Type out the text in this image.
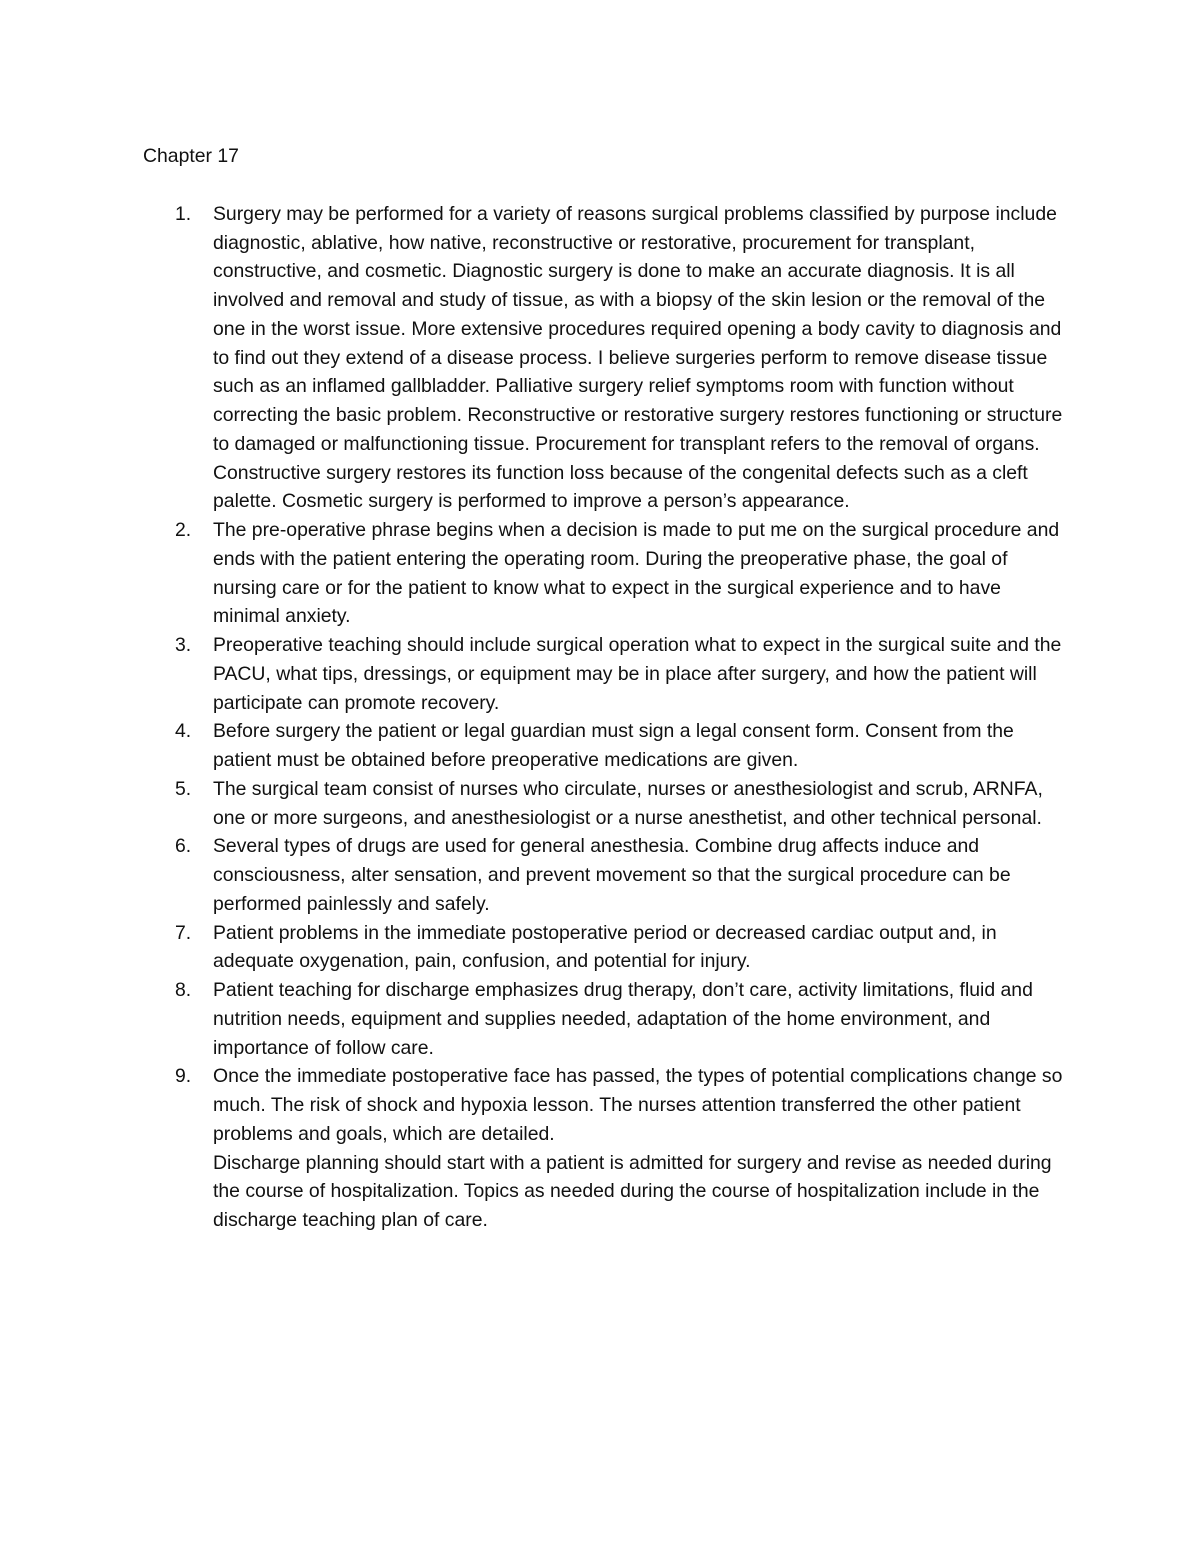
Chapter 17
1.	Surgery may be performed for a variety of reasons surgical problems classified by purpose include diagnostic, ablative, how native, reconstructive or restorative, procurement for transplant, constructive, and cosmetic. Diagnostic surgery is done to make an accurate diagnosis. It is all involved and removal and study of tissue, as with a biopsy of the skin lesion or the removal of the one in the worst issue. More extensive procedures required opening a body cavity to diagnosis and to find out they extend of a disease process. I believe surgeries perform to remove disease tissue such as an inflamed gallbladder. Palliative surgery relief symptoms room with function without correcting the basic problem. Reconstructive or restorative surgery restores functioning or structure to damaged or malfunctioning tissue. Procurement for transplant refers to the removal of organs. Constructive surgery restores its function loss because of the congenital defects such as a cleft palette. Cosmetic surgery is performed to improve a person’s appearance.
2.	The pre-operative phrase begins when a decision is made to put me on the surgical procedure and ends with the patient entering the operating room. During the preoperative phase, the goal of nursing care or for the patient to know what to expect in the surgical experience and to have minimal anxiety.
3.	Preoperative teaching should include surgical operation what to expect in the surgical suite and the PACU, what tips, dressings, or equipment may be in place after surgery, and how the patient will participate can promote recovery.
4.	Before surgery the patient or legal guardian must sign a legal consent form. Consent from the patient must be obtained before preoperative medications are given.
5.	The surgical team consist of nurses who circulate, nurses or anesthesiologist and scrub, ARNFA, one or more surgeons, and anesthesiologist or a nurse anesthetist, and other technical personal.
6.	Several types of drugs are used for general anesthesia. Combine drug affects induce and consciousness, alter sensation, and prevent movement so that the surgical procedure can be performed painlessly and safely.
7.	Patient problems in the immediate postoperative period or decreased cardiac output and, in adequate oxygenation, pain, confusion, and potential for injury.
8.	Patient teaching for discharge emphasizes drug therapy, don’t care, activity limitations, fluid and nutrition needs, equipment and supplies needed, adaptation of the home environment, and importance of follow care.
9.	Once the immediate postoperative face has passed, the types of potential complications change so much. The risk of shock and hypoxia lesson. The nurses attention transferred the other patient problems and goals, which are detailed.
Discharge planning should start with a patient is admitted for surgery and revise as needed during the course of hospitalization. Topics as needed during the course of hospitalization include in the discharge teaching plan of care.
